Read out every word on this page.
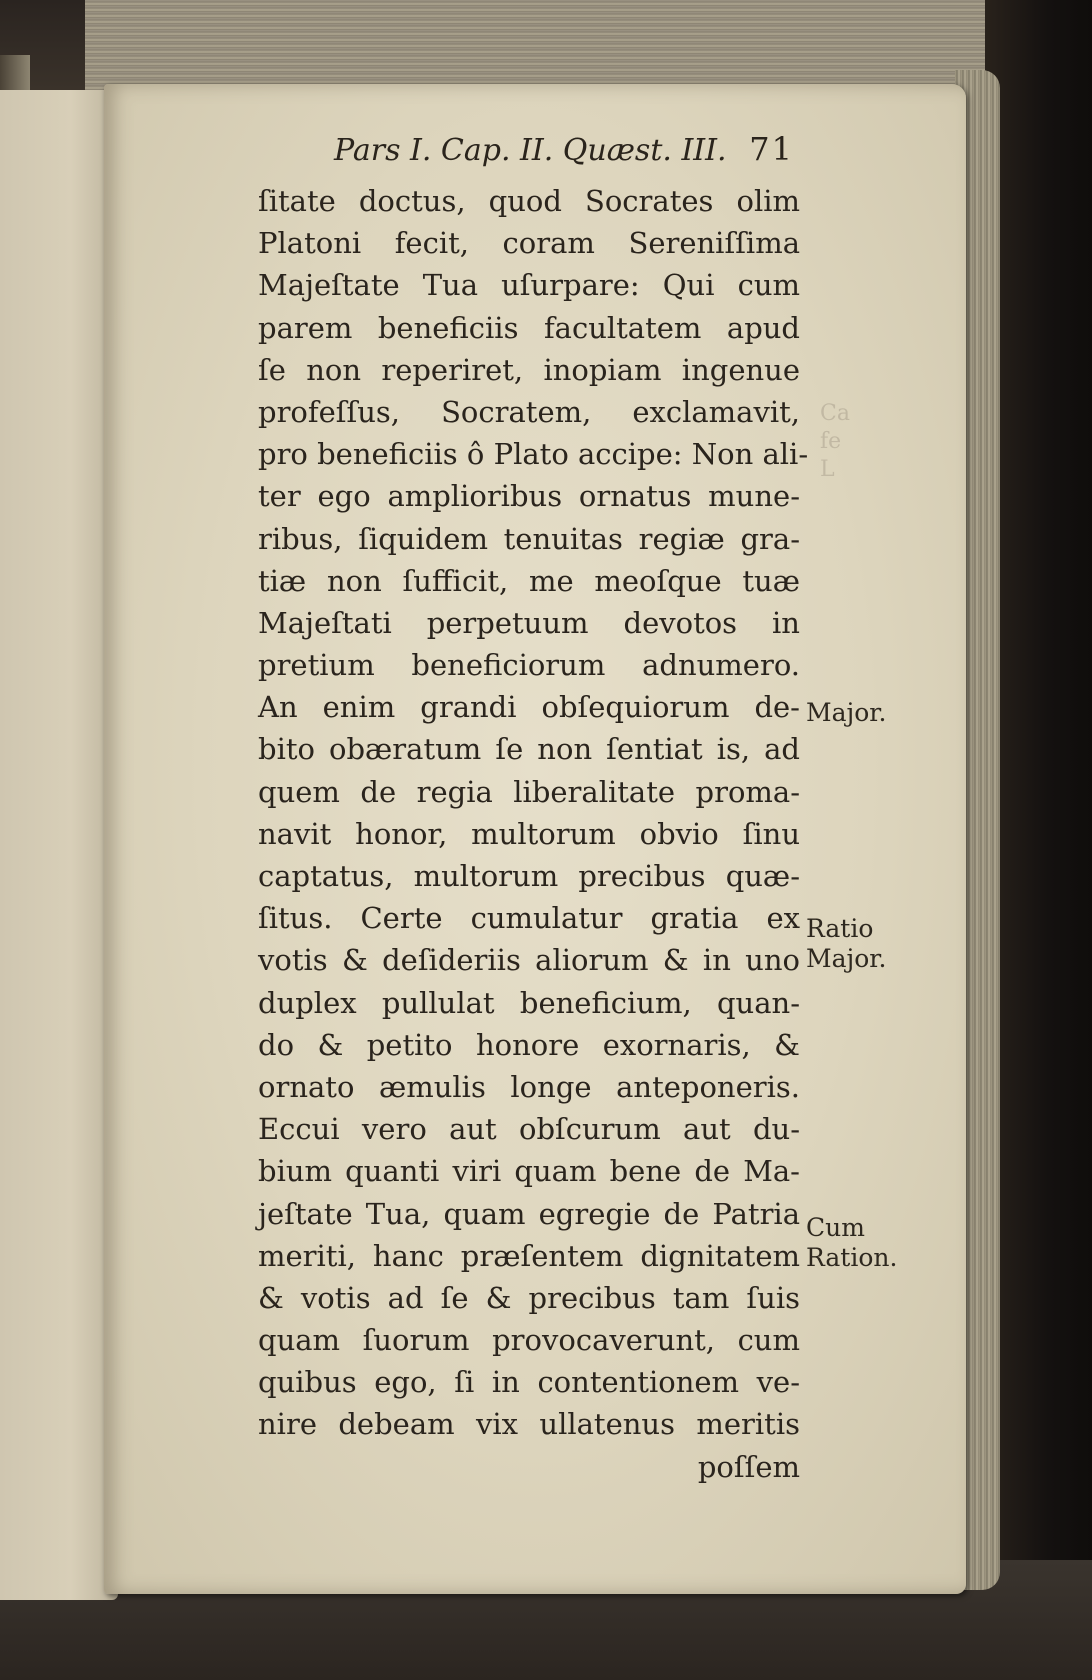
Ca
fe
L
Pars I. Cap. II. Quæst. III. 71
ſitate doctus, quod Socrates olim
Platoni fecit, coram Sereniſſima
Majeſtate Tua uſurpare: Qui cum
parem beneficiis facultatem apud
ſe non reperiret, inopiam ingenue
profeſſus, Socratem, exclamavit,
pro beneficiis ô Plato accipe: Non ali-
ter ego amplioribus ornatus mune-
ribus, ſiquidem tenuitas regiæ gra-
tiæ non ſufficit, me meoſque tuæ
Majeſtati perpetuum devotos in
pretium beneficiorum adnumero.
An enim grandi obſequiorum de-
bito obæratum ſe non ſentiat is, ad
quem de regia liberalitate proma-
navit honor, multorum obvio ſinu
captatus, multorum precibus quæ-
ſitus. Certe cumulatur gratia ex
votis & deſideriis aliorum & in uno
duplex pullulat beneficium, quan-
do & petito honore exornaris, &
ornato æmulis longe anteponeris.
Eccui vero aut obſcurum aut du-
bium quanti viri quam bene de Ma-
jeſtate Tua, quam egregie de Patria
meriti, hanc præſentem dignitatem
& votis ad ſe & precibus tam ſuis
quam ſuorum provocaverunt, cum
quibus ego, ſi in contentionem ve-
nire debeam vix ullatenus meritis
poſſem
Major.
Ratio
Major.
Cum
Ration.
